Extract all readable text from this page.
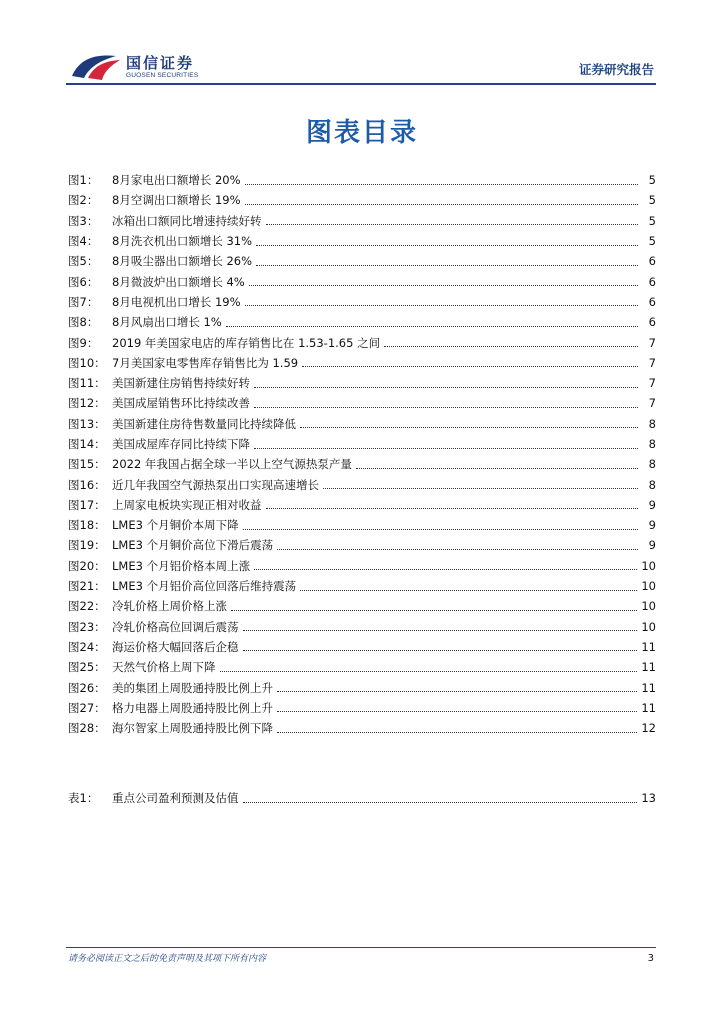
国信证券
GUOSEN SECURITIES	证券研究报告
图表目录
图1： 8月家电出口额增长 20%	5
图2： 8月空调出口额增长 19%	5
图3： 冰箱出口额同比增速持续好转	5
图4： 8月洗衣机出口额增长 31%	5
图5： 8月吸尘器出口额增长 26%	6
图6： 8月微波炉出口额增长 4%	6
图7： 8月电视机出口增长 19%	6
图8： 8月风扇出口增长 1%	6
图9： 2019 年美国家电店的库存销售比在 1.53-1.65 之间	7
图10： 7月美国家电零售库存销售比为 1.59	7
图11： 美国新建住房销售持续好转	7
图12： 美国成屋销售环比持续改善	7
图13： 美国新建住房待售数量同比持续降低	8
图14： 美国成屋库存同比持续下降	8
图15： 2022 年我国占据全球一半以上空气源热泵产量	8
图16： 近几年我国空气源热泵出口实现高速增长	8
图17： 上周家电板块实现正相对收益	9
图18： LME3 个月铜价本周下降	9
图19： LME3 个月铜价高位下滑后震荡	9
图20： LME3 个月铝价格本周上涨	10
图21： LME3 个月铝价高位回落后维持震荡	10
图22： 冷轧价格上周价格上涨	10
图23： 冷轧价格高位回调后震荡	10
图24： 海运价格大幅回落后企稳	11
图25： 天然气价格上周下降	11
图26： 美的集团上周股通持股比例上升	11
图27： 格力电器上周股通持股比例上升	11
图28： 海尔智家上周股通持股比例下降	12
表1： 重点公司盈利预测及估值	13
请务必阅读正文之后的免责声明及其项下所有内容	3
